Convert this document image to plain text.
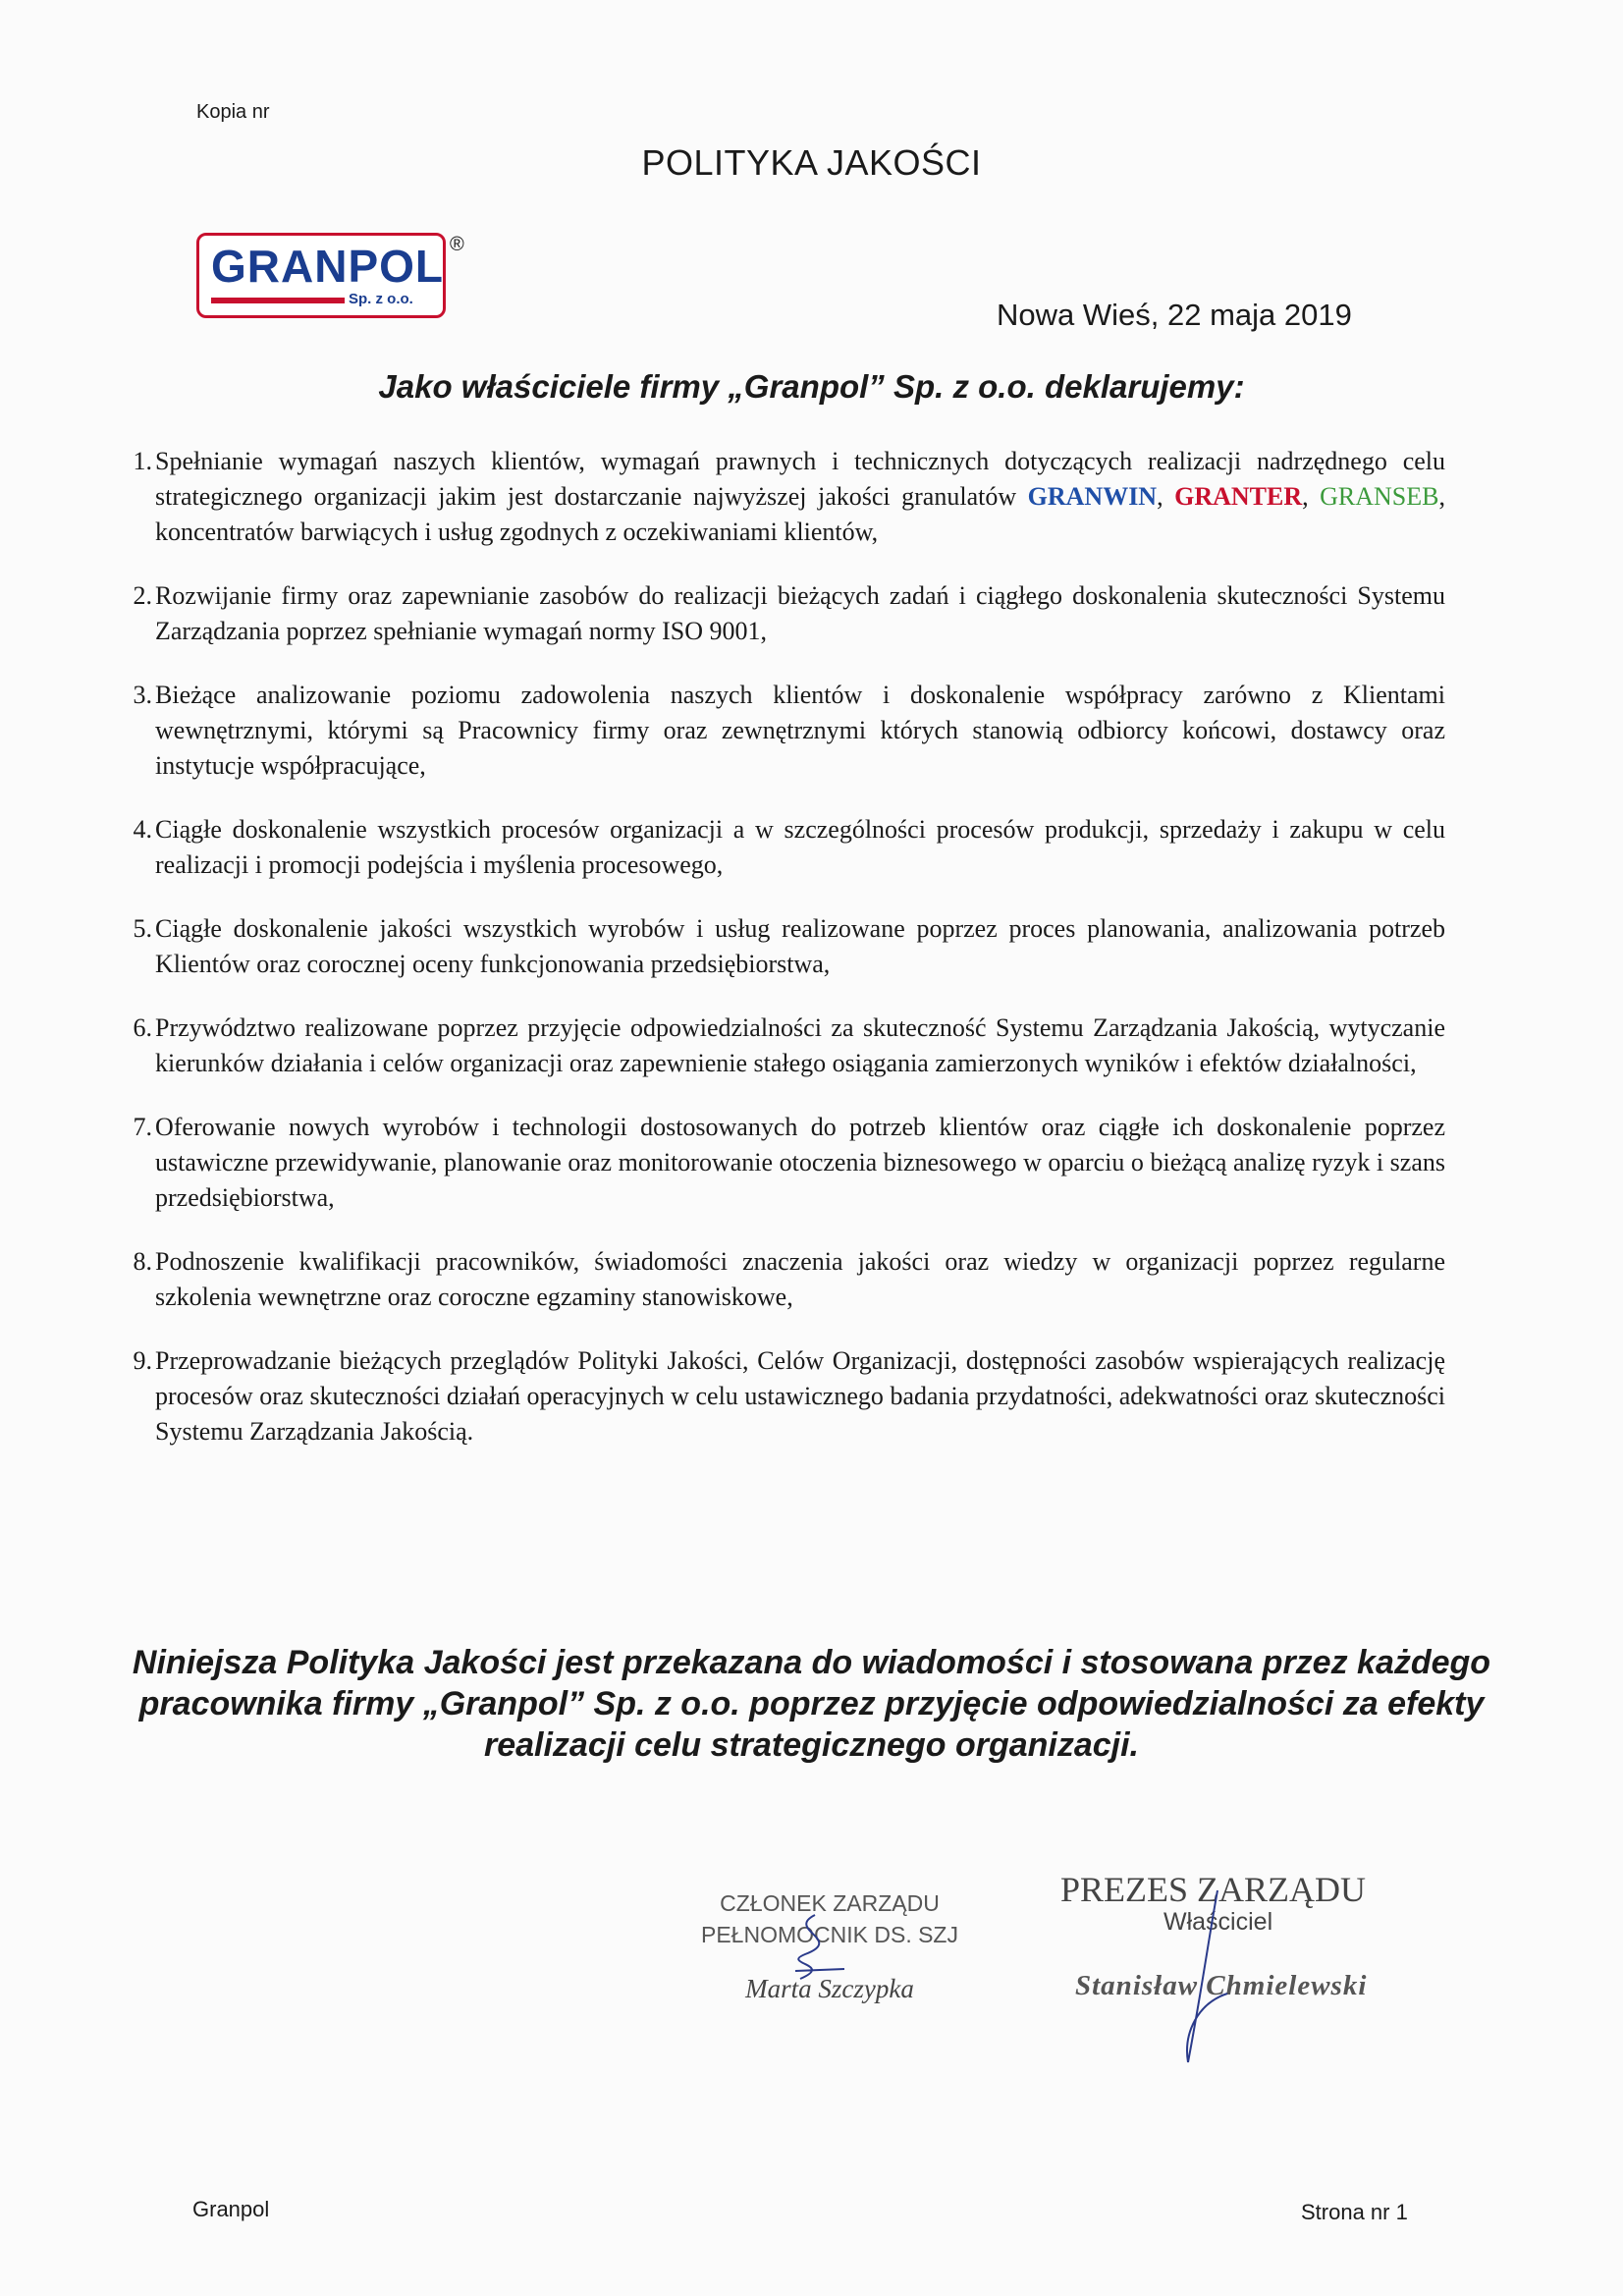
Kopia nr
POLITYKA JAKOŚCI
GRANPOL
Sp. z o.o.
®
Nowa Wieś, 22 maja 2019
Jako właściciele firmy „Granpol” Sp. z o.o. deklarujemy:
1. Spełnianie wymagań naszych klientów, wymagań prawnych i technicznych dotyczących realizacji nadrzędnego celu strategicznego organizacji jakim jest dostarczanie najwyższej jakości granulatów GRANWIN, GRANTER, GRANSEB, koncentratów barwiących i usług zgodnych z oczekiwaniami klientów,
2. Rozwijanie firmy oraz zapewnianie zasobów do realizacji bieżących zadań i ciągłego doskonalenia skuteczności Systemu Zarządzania poprzez spełnianie wymagań normy ISO 9001,
3. Bieżące analizowanie poziomu zadowolenia naszych klientów i doskonalenie współpracy zarówno z Klientami wewnętrznymi, którymi są Pracownicy firmy oraz zewnętrznymi których stanowią odbiorcy końcowi, dostawcy oraz instytucje współpracujące,
4. Ciągłe doskonalenie wszystkich procesów organizacji a w szczególności procesów produkcji, sprzedaży i zakupu w celu realizacji i promocji podejścia i myślenia procesowego,
5. Ciągłe doskonalenie jakości wszystkich wyrobów i usług realizowane poprzez proces planowania, analizowania potrzeb Klientów oraz corocznej oceny funkcjonowania przedsiębiorstwa,
6. Przywództwo realizowane poprzez przyjęcie odpowiedzialności za skuteczność Systemu Zarządzania Jakością, wytyczanie kierunków działania i celów organizacji oraz zapewnienie stałego osiągania zamierzonych wyników i efektów działalności,
7. Oferowanie nowych wyrobów i technologii dostosowanych do potrzeb klientów oraz ciągłe ich doskonalenie poprzez ustawiczne przewidywanie, planowanie oraz monitorowanie otoczenia biznesowego w oparciu o bieżącą analizę ryzyk i szans przedsiębiorstwa,
8. Podnoszenie kwalifikacji pracowników, świadomości znaczenia jakości oraz wiedzy w organizacji poprzez regularne szkolenia wewnętrzne oraz coroczne egzaminy stanowiskowe,
9. Przeprowadzanie bieżących przeglądów Polityki Jakości, Celów Organizacji, dostępności zasobów wspierających realizację procesów oraz skuteczności działań operacyjnych w celu ustawicznego badania przydatności, adekwatności oraz skuteczności Systemu Zarządzania Jakością.
Niniejsza Polityka Jakości jest przekazana do wiadomości i stosowana przez każdego pracownika firmy „Granpol” Sp. z o.o. poprzez przyjęcie odpowiedzialności za efekty realizacji celu strategicznego organizacji.
CZŁONEK ZARZĄDU
PEŁNOMOCNIK DS. SZJ
Marta Szczypka
PREZES ZARZĄDU
Właściciel
Stanisław Chmielewski
Granpol	Strona nr 1
